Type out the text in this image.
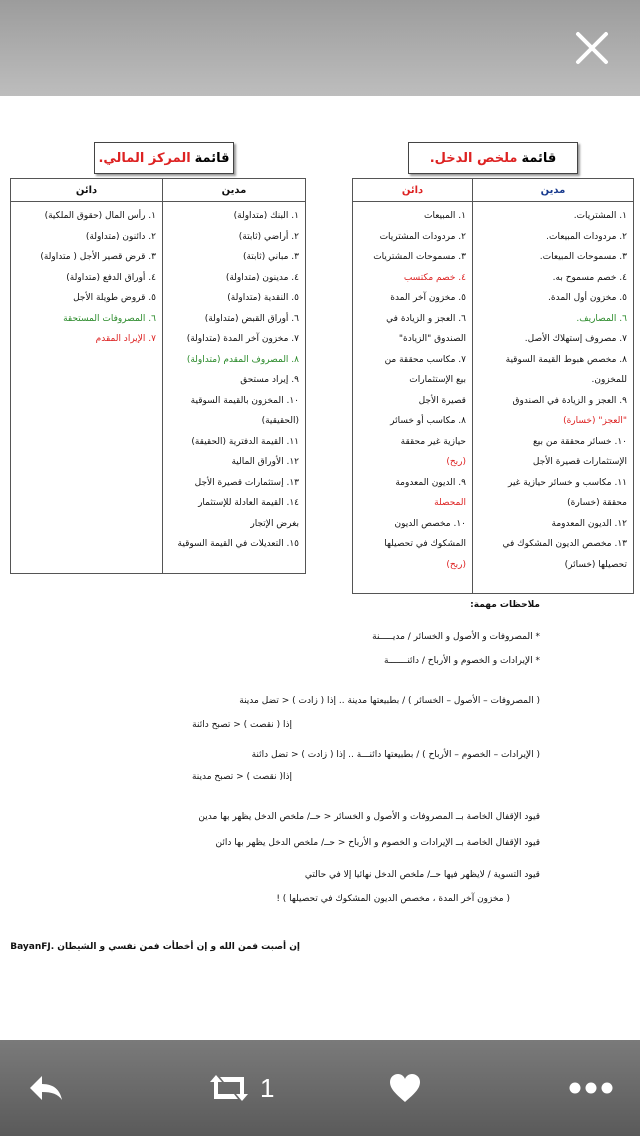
قائمة
ملخص الدخل.
مدين
١. المشتريات.
٢. مردودات المبيعات.
٣. مسموحات المبيعات.
٤. خصم مسموح به.
٥. مخزون أول المدة.
٦. المصاريف.
٧. مصروف إستهلاك الأصل.
٨. مخصص هبوط القيمة السوقية
للمخزون.
٩. العجز و الزيادة في الصندوق
"العجز" (خسارة)
١٠. خسائر محققة من بيع
الإستثمارات قصيرة الأجل
١١. مكاسب و خسائر حيازية غير
محققة (خسارة)
١٢. الديون المعدومة
١٣. مخصص الديون المشكوك في
تحصيلها (خسائر)
دائن
١. المبيعات
٢. مردودات المشتريات
٣. مسموحات المشتريات
٤. خصم مكتسب
٥. مخزون آخر المدة
٦. العجز و الزيادة في
الصندوق "الزيادة"
٧. مكاسب محققة من
بيع الإستثمارات
قصيرة الأجل
٨. مكاسب أو خسائر
حيازية غير محققة
(ربح)
٩. الديون المعدومة
المحصلة
١٠. مخصص الديون
المشكوك في تحصيلها
(ربح)
قائمة
المركز المالي.
مدين
١. البنك (متداولة)
٢. أراضي (ثابتة)
٣. مباني (ثابتة)
٤. مدينون (متداولة)
٥. النقدية (متداولة)
٦. أوراق القبض (متداولة)
٧. مخزون آخر المدة (متداولة)
٨. المصروف المقدم (متداولة)
٩. إيراد مستحق
١٠. المخزون بالقيمة السوقية
(الحقيقية)
١١. القيمة الدفترية (الحقيقة)
١٢. الأوراق المالية
١٣. إستثمارات قصيرة الأجل
١٤. القيمة العادلة للإستثمار
بغرض الإتجار
١٥. التعديلات في القيمة السوقية
دائن
١. رأس المال (حقوق الملكية)
٢. دائنون (متداولة)
٣. قرض قصير الأجل ( متداولة)
٤. أوراق الدفع (متداولة)
٥. قروض طويلة الأجل
٦. المصروفات المستحقة
٧. الإيراد المقدم
ملاحظات مهمة:
* المصروفات و الأصول و الخسائر / مديـــــنة
* الإيرادات و الخصوم و الأرباح / دائنـــــــة
( المصروفات – الأصول – الخسائر ) / بطبيعتها مدينة .. إذا ( زادت ) < تضل مدينة
إذا ( نقصت ) < تصبح دائنة
( الإيرادات – الخصوم – الأرباح ) / بطبيعتها دائنـــة .. إذا ( زادت ) < تضل دائنة
إذا( نقصت ) < تصبح مدينة
قيود الإقفال الخاصة بــ المصروفات و الأصول و الخسائر < حــ/ ملخص الدخل يظهر بها مدين
قيود الإقفال الخاصة بــ الإيرادات و الخصوم و الأرباح < حــ/ ملخص الدخل يظهر بها دائن
قيود التسوية / لايظهر فيها حــ/ ملخص الدخل نهائيا إلا في حالتي
( مخزون آخر المدة ، مخصص الديون المشكوك في تحصيلها ) !
إن أصبت فمن الله و إن أخطأت فمن نفسي و الشيطان .BayanFJ
1
